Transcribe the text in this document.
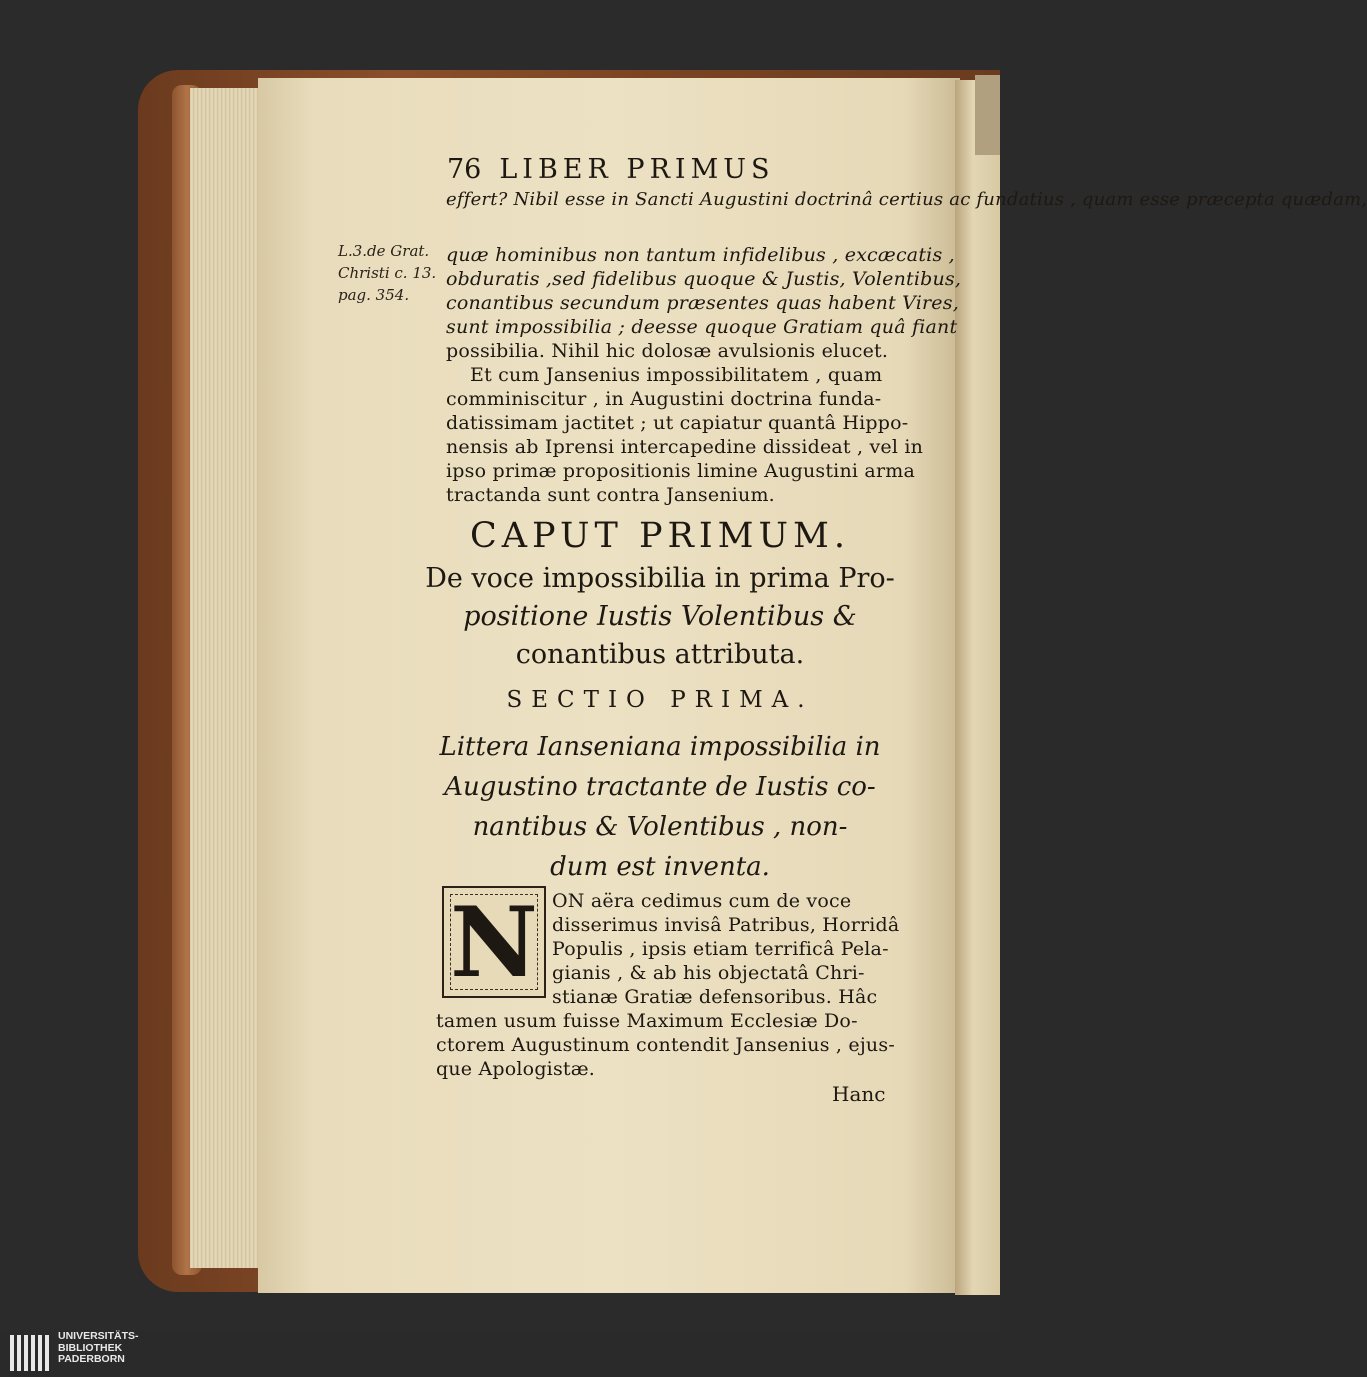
76 LIBER PRIMUS
L.3.de Grat.
Christi c. 13.
pag. 354.
effert? Nibil esse in Sancti Augustini doctrinâ certius ac fundatius , quam esse præcepta quædam,
quæ hominibus non tantum infidelibus , excæcatis ,
obduratis ,sed fidelibus quoque & Justis, Volentibus,
conantibus secundum præsentes quas habent Vires,
sunt impossibilia ; deesse quoque Gratiam quâ fiant
possibilia. Nihil hic dolosæ avulsionis elucet.
Et cum Jansenius impossibilitatem , quam
comminiscitur , in Augustini doctrina funda-
datissimam jactitet ; ut capiatur quantâ Hippo-
nensis ab Iprensi intercapedine dissideat , vel in
ipso primæ propositionis limine Augustini arma
tractanda sunt contra Jansenium.
CAPUT PRIMUM.
De voce impossibilia in prima Pro-
positione Iustis Volentibus &
conantibus attributa.
SECTIO PRIMA.
Littera Ianseniana impossibilia in
Augustino tractante de Iustis co-
nantibus & Volentibus , non-
dum est inventa.
N ON aëra cedimus cum de voce
disserimus invisâ Patribus, Horridâ
Populis , ipsis etiam terrificâ Pela-
gianis , & ab his objectatâ Chri-
stianæ Gratiæ defensoribus. Hâc
tamen usum fuisse Maximum Ecclesiæ Do-
ctorem Augustinum contendit Jansenius , ejus-
que Apologistæ.
Hanc
UNIVERSITÄTS-
BIBLIOTHEK
PADERBORN
